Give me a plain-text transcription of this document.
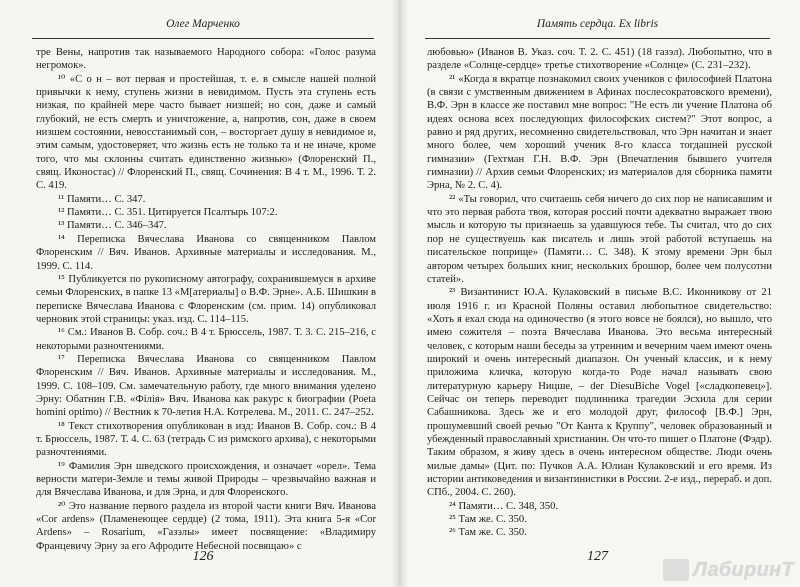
Олег Марченко

тре Вены, напротив так называемого Народного собора: «Голос разума негромок».

¹⁰ «С о н – вот первая и простейшая, т. е. в смысле нашей полной привычки к нему, ступень жизни в невидимом. Пусть эта ступень есть низкая, по крайней мере часто бывает низшей; но сон, даже и самый глубокий, не есть смерть и уничтожение, а, напротив, сон, даже в своем низшем состоянии, невосстанимый сон, – восторгает душу в невидимое и, этим самым, удостоверяет, что жизнь есть не только та и не иначе, кроме того, что мы склонны считать единственно жизнью» (Флоренский П., свящ. Иконостас) // Флоренский П., свящ. Сочинения: В 4 т. М., 1996. Т. 2. С. 419.

¹¹ Памяти… С. 347.

¹² Памяти… С. 351. Цитируется Псалтырь 107:2.

¹³ Памяти… С. 346–347.

¹⁴ Переписка Вячеслава Иванова со священником Павлом Флоренским // Вяч. Иванов. Архивные материалы и исследования. М., 1999. С. 114.

¹⁵ Публикуется по рукописному автографу, сохранившемуся в архиве семьи Флоренских, в папке 13 «М[атериалы] о В.Ф. Эрне». А.Б. Шишкин в переписке Вячеслава Иванова с Флоренским (см. прим. 14) опубликовал черновик этой страницы: указ. изд. С. 114–115.

¹⁶ См.: Иванов В. Собр. соч.: В 4 т. Брюссель, 1987. Т. 3. С. 215–216, с некоторыми разночтениями.

¹⁷ Переписка Вячеслава Иванова со священником Павлом Флоренским // Вяч. Иванов. Архивные материалы и исследования. М., 1999. С. 108–109. См. замечательную работу, где много внимания уделено Эрну: Обатнин Г.В. «Фiлiя» Вяч. Иванова как ракурс к биографии (Poeta homini optimo) // Вестник к 70-летия Н.А. Котрелева. М., 2011. С. 247–252.

¹⁸ Текст стихотворения опубликован в изд: Иванов В. Собр. соч.: В 4 т. Брюссель, 1987. Т. 4. С. 63 (тетрадь С из римского архива), с некоторыми разночтениями.

¹⁹ Фамилия Эрн шведского происхождения, и означает «орел». Тема верности матери-Земле и темы живой Природы – чрезвычайно важная и для Вячеслава Иванова, и для Эрна, и для Флоренского.

²⁰ Это название первого раздела из второй части книги Вяч. Иванова «Cor ardens» (Пламенеющее сердце) (2 тома, 1911). Эта книга 5-я «Cor Ardens» – Rosarium, «Газэлы» имеет посвящение: «Владимиру Францевичу Эрну за его Афродите Небесной посвящаю» с

126
Память сердца. Ex libris

любовью» (Иванов В. Указ. соч. Т. 2. С. 451) (18 газэл). Любопытно, что в разделе «Солнце-сердце» третье стихотворение «Солнце» (С. 231–232).

²¹ «Когда я вкратце познакомил своих учеников с философией Платона (в связи с умственным движением в Афинах послесократовского времени), В.Ф. Эрн в классе же поставил мне вопрос: "Не есть ли учение Платона об идеях основа всех последующих философских систем?" Этот вопрос, а равно и ряд других, несомненно свидетельствовал, что Эрн начитан и знает много более, чем хороший ученик 8-го класса тогдашней русской гимназии» (Гехтман Г.Н. В.Ф. Эрн (Впечатления бывшего учителя гимназии) // Архив семьи Флоренских; из материалов для сборника памяти Эрна, № 2. С. 4).

²² «Ты говорил, что считаешь себя ничего до сих пор не написавшим и что это первая работа твоя, которая россий почти адекватно выражает твою мысль и которую ты признаешь за удавшуюся тебе. Ты считал, что до сих пор не существуешь как писатель и лишь этой работой вступаешь на писательское поприще» (Памяти… С. 348). К этому времени Эрн был автором четырех больших книг, нескольких брошюр, более чем полусотни статей».

²³ Византинист Ю.А. Кулаковский в письме В.С. Иконникову от 21 июля 1916 г. из Красной Поляны оставил любопытное свидетельство: «Хоть я ехал сюда на одиночество (я этого вовсе не боялся), но вышло, что имею сожителя – поэта Вячеслава Иванова. Это весьма интересный человек, с которым наши беседы за утренним и вечерним чаем имеют очень широкий и очень интересный диапазон. Он ученый классик, и к нему приложима кличка, которую когда-то Роде начал называть свою литературную карьеру Ницше, – der DiesuBiche Vogel [«сладкопевец»]. Сейчас он теперь переводит подлинника трагедии Эсхила для серии Сабашникова. Здесь же и его молодой друг, философ [В.Ф.] Эрн, прошумевший своей речью "От Канта к Круппу", человек образованный и убежденный православный христианин. Он что-то пишет о Платоне (Фэдр). Таким образом, я живу здесь в очень интересном обществе. Люди очень милые дамы» (Цит. по: Пучков А.А. Юлиан Кулаковский и его время. Из истории антиковедения и византинистики в России. 2-е изд., перераб. и доп. СПб., 2004. С. 260).

²⁴ Памяти… С. 348, 350.

²⁵ Там же. С. 350.

²⁶ Там же. С. 350.

127
ЛабиринТ
